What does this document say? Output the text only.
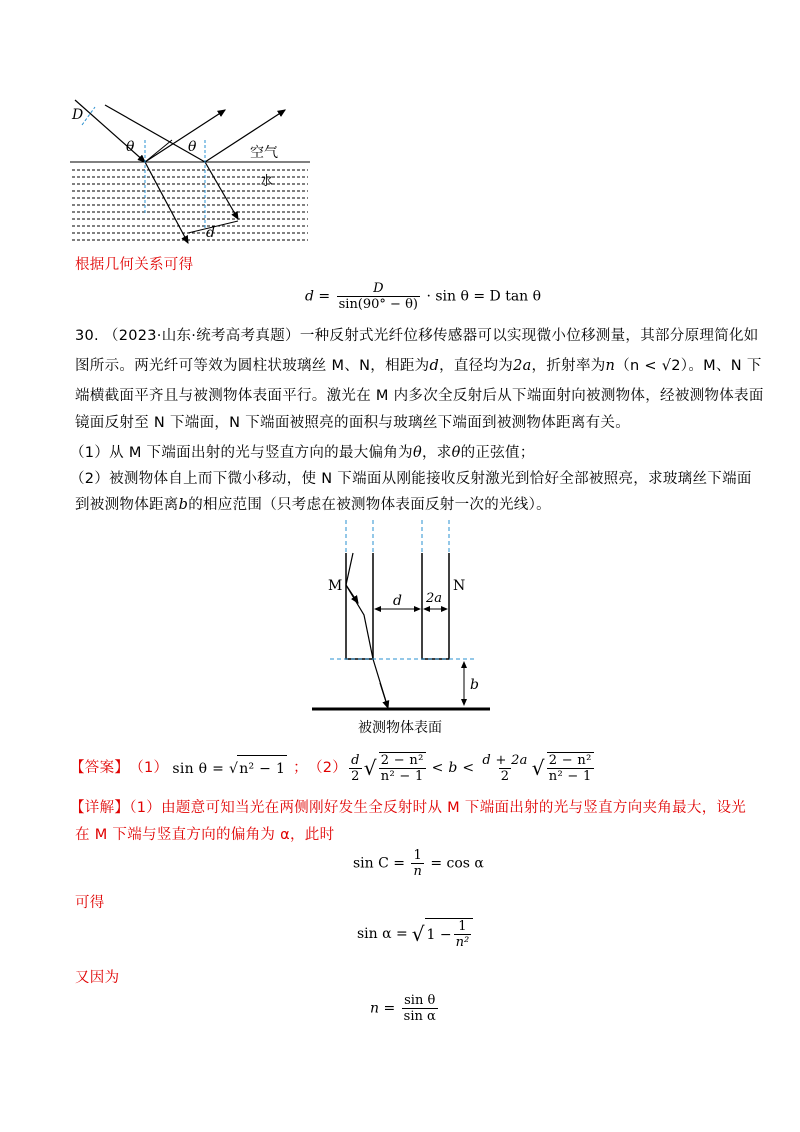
D
θ	θ	空气
水
d
根据几何关系可得
$d = \frac{D}{\sin(90^\circ - \theta)} \cdot \sin \theta = D$ tan θ
30. （2023·山东·统考高考真题）一种反射式光纤位移传感器可以实现微小位移测量，其部分原理简化如
图所示。两光纤可等效为圆柱状玻璃丝 M、N，相距为d，直径均为2a，折射率为n（n < √2）。M、N 下
端横截面平齐且与被测物体表面平行。激光在 M 内多次全反射后从下端面射向被测物体，经被测物体表面
镜面反射至 N 下端面，N 下端面被照亮的面积与玻璃丝下端面到被测物体距离有关。
（1）从 M 下端面出射的光与竖直方向的最大偏角为θ，求θ的正弦值；
（2）被测物体自上而下微小移动，使 N 下端面从刚能接收反射激光到恰好全部被照亮，求玻璃丝下端面
到被测物体距离b的相应范围（只考虑在被测物体表面反射一次的光线）。
M	N
d 2a
b
被测物体表面
【答案】 （1） sin θ = √n² − 1 ； $(2) \frac{d}{2}$ √ $\frac{\text{2 − n²}}{\text{n² − 1}} < b < \frac{d + 2a}{2}$ √ $\frac{\text{2 − n²}}{\text{n² − 1}}$
【详解】（1）由题意可知当光在两侧刚好发生全反射时从 M 下端面出射的光与竖直方向夹角最大，设光
在 M 下端与竖直方向的偏角为 α，此时
$\sin C = \frac{1}{n} = \cos \alpha$
可得
sin α = √ $1 - \frac{1}{\text{n²}}$
又因为
$n = \frac{\text{sin θ}}{\text{sin α}}$
